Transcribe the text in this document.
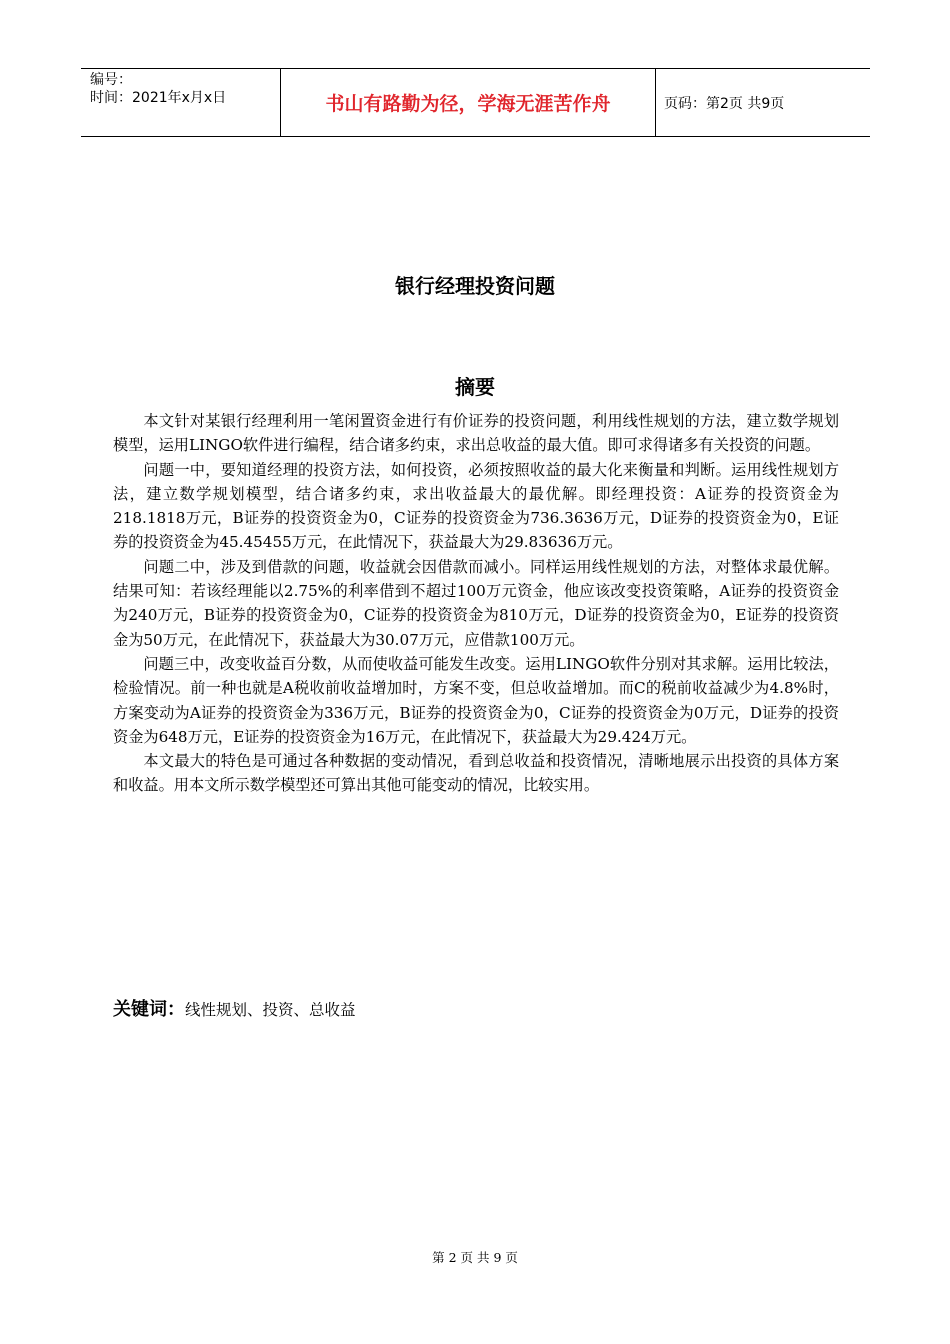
编号：
时间：2021年x月x日	书山有路勤为径，学海无涯苦作舟	页码：第2页 共9页
银行经理投资问题
摘要

本文针对某银行经理利用一笔闲置资金进行有价证券的投资问题，利用线性规划的方法，建立数学规划模型，运用LINGO软件进行编程，结合诸多约束，求出总收益的最大值。即可求得诸多有关投资的问题。

问题一中，要知道经理的投资方法，如何投资，必须按照收益的最大化来衡量和判断。运用线性规划方法，建立数学规划模型，结合诸多约束，求出收益最大的最优解。即经理投资：A证券的投资资金为218.1818万元，B证券的投资资金为0，C证券的投资资金为736.3636万元，D证券的投资资金为0，E证券的投资资金为45.45455万元，在此情况下，获益最大为29.83636万元。

问题二中，涉及到借款的问题，收益就会因借款而减小。同样运用线性规划的方法，对整体求最优解。结果可知：若该经理能以2.75%的利率借到不超过100万元资金，他应该改变投资策略，A证券的投资资金为240万元，B证券的投资资金为0，C证券的投资资金为810万元，D证券的投资资金为0，E证券的投资资金为50万元，在此情况下，获益最大为30.07万元，应借款100万元。

问题三中，改变收益百分数，从而使收益可能发生改变。运用LINGO软件分别对其求解。运用比较法，检验情况。前一种也就是A税收前收益增加时，方案不变，但总收益增加。而C的税前收益减少为4.8%时，方案变动为A证券的投资资金为336万元，B证券的投资资金为0，C证券的投资资金为0万元，D证券的投资资金为648万元，E证券的投资资金为16万元，在此情况下，获益最大为29.424万元。

本文最大的特色是可通过各种数据的变动情况，看到总收益和投资情况，清晰地展示出投资的具体方案和收益。用本文所示数学模型还可算出其他可能变动的情况，比较实用。

关键词：线性规划、投资、总收益
第 2 页 共 9 页
